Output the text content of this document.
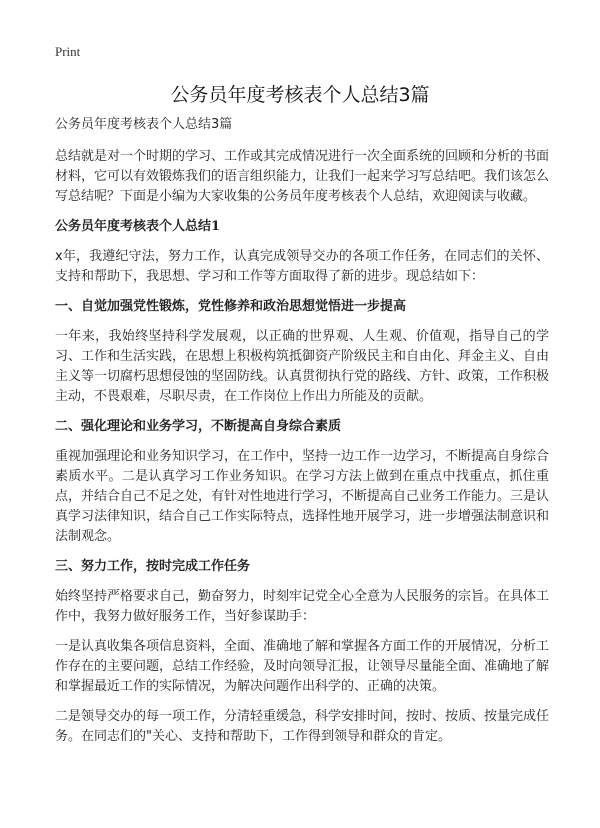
Print
公务员年度考核表个人总结3篇
公务员年度考核表个人总结3篇
总结就是对一个时期的学习、工作或其完成情况进行一次全面系统的回顾和分析的书面材料，它可以有效锻炼我们的语言组织能力，让我们一起来学习写总结吧。我们该怎么写总结呢？下面是小编为大家收集的公务员年度考核表个人总结，欢迎阅读与收藏。
公务员年度考核表个人总结1
x年，我遵纪守法，努力工作，认真完成领导交办的各项工作任务，在同志们的关怀、支持和帮助下，我思想、学习和工作等方面取得了新的进步。现总结如下：
一、自觉加强党性锻炼，党性修养和政治思想觉悟进一步提高
一年来，我始终坚持科学发展观，以正确的世界观、人生观、价值观，指导自己的学习、工作和生活实践，在思想上积极构筑抵御资产阶级民主和自由化、拜金主义、自由主义等一切腐朽思想侵蚀的坚固防线。认真贯彻执行党的路线、方针、政策，工作积极主动，不畏艰难，尽职尽责，在工作岗位上作出力所能及的贡献。
二、强化理论和业务学习，不断提高自身综合素质
重视加强理论和业务知识学习，在工作中，坚持一边工作一边学习，不断提高自身综合素质水平。二是认真学习工作业务知识。在学习方法上做到在重点中找重点，抓住重点，并结合自己不足之处，有针对性地进行学习，不断提高自己业务工作能力。三是认真学习法律知识，结合自己工作实际特点，选择性地开展学习，进一步增强法制意识和法制观念。
三、努力工作，按时完成工作任务
始终坚持严格要求自己，勤奋努力，时刻牢记党全心全意为人民服务的宗旨。在具体工作中，我努力做好服务工作，当好参谋助手：
一是认真收集各项信息资料，全面、准确地了解和掌握各方面工作的开展情况，分析工作存在的主要问题，总结工作经验，及时向领导汇报，让领导尽量能全面、准确地了解和掌握最近工作的实际情况，为解决问题作出科学的、正确的决策。
二是领导交办的每一项工作，分清轻重缓急，科学安排时间，按时、按质、按量完成任务。在同志们的"关心、支持和帮助下，工作得到领导和群众的肯定。
